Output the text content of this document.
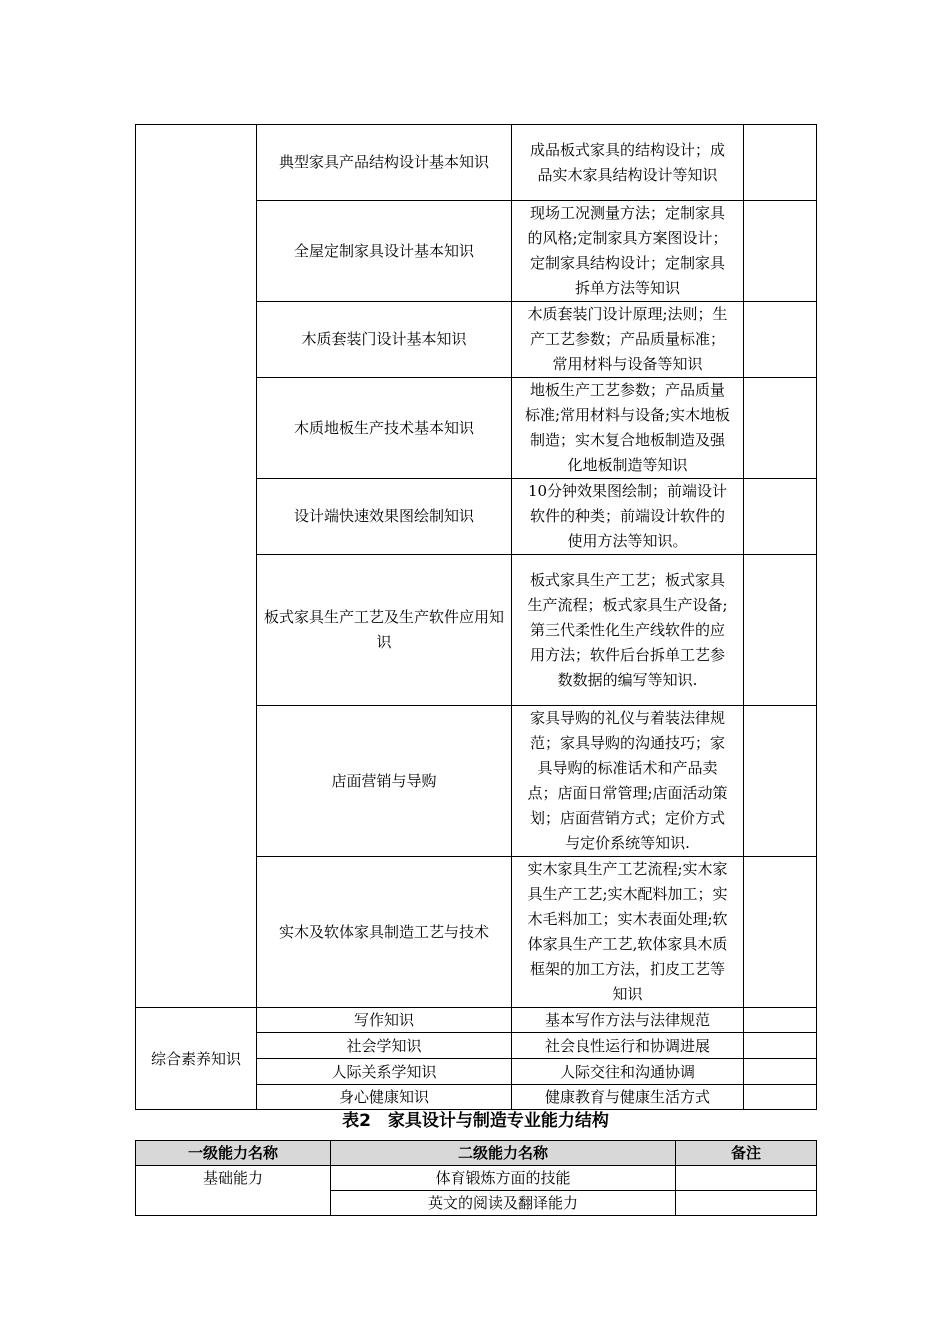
	典型家具产品结构设计基本知识	成品板式家具的结构设计；成品实木家具结构设计等知识	
	全屋定制家具设计基本知识	现场工况测量方法；定制家具的风格;定制家具方案图设计；定制家具结构设计；定制家具拆单方法等知识	
	木质套装门设计基本知识	木质套装门设计原理;法则；生产工艺参数；产品质量标准；常用材料与设备等知识	
	木质地板生产技术基本知识	地板生产工艺参数；产品质量标准;常用材料与设备;实木地板制造；实木复合地板制造及强化地板制造等知识	
	设计端快速效果图绘制知识	10分钟效果图绘制；前端设计软件的种类；前端设计软件的使用方法等知识。	
	板式家具生产工艺及生产软件应用知识	板式家具生产工艺；板式家具生产流程；板式家具生产设备;第三代柔性化生产线软件的应用方法；软件后台拆单工艺参数数据的编写等知识.	
	店面营销与导购	家具导购的礼仪与着装法律规范；家具导购的沟通技巧；家具导购的标准话术和产品卖点；店面日常管理;店面活动策划；店面营销方式；定价方式与定价系统等知识.	
	实木及软体家具制造工艺与技术	实木家具生产工艺流程;实木家具生产工艺;实木配料加工；实木毛料加工；实木表面处理;软体家具生产工艺,软体家具木质框架的加工方法，扪皮工艺等知识	
综合素养知识	写作知识	基本写作方法与法律规范	
	社会学知识	社会良性运行和协调进展	
	人际关系学知识	人际交往和沟通协调	
	身心健康知识	健康教育与健康生活方式	
表2　家具设计与制造专业能力结构
一级能力名称	二级能力名称	备注
基础能力	体育锻炼方面的技能	
	英文的阅读及翻译能力	
